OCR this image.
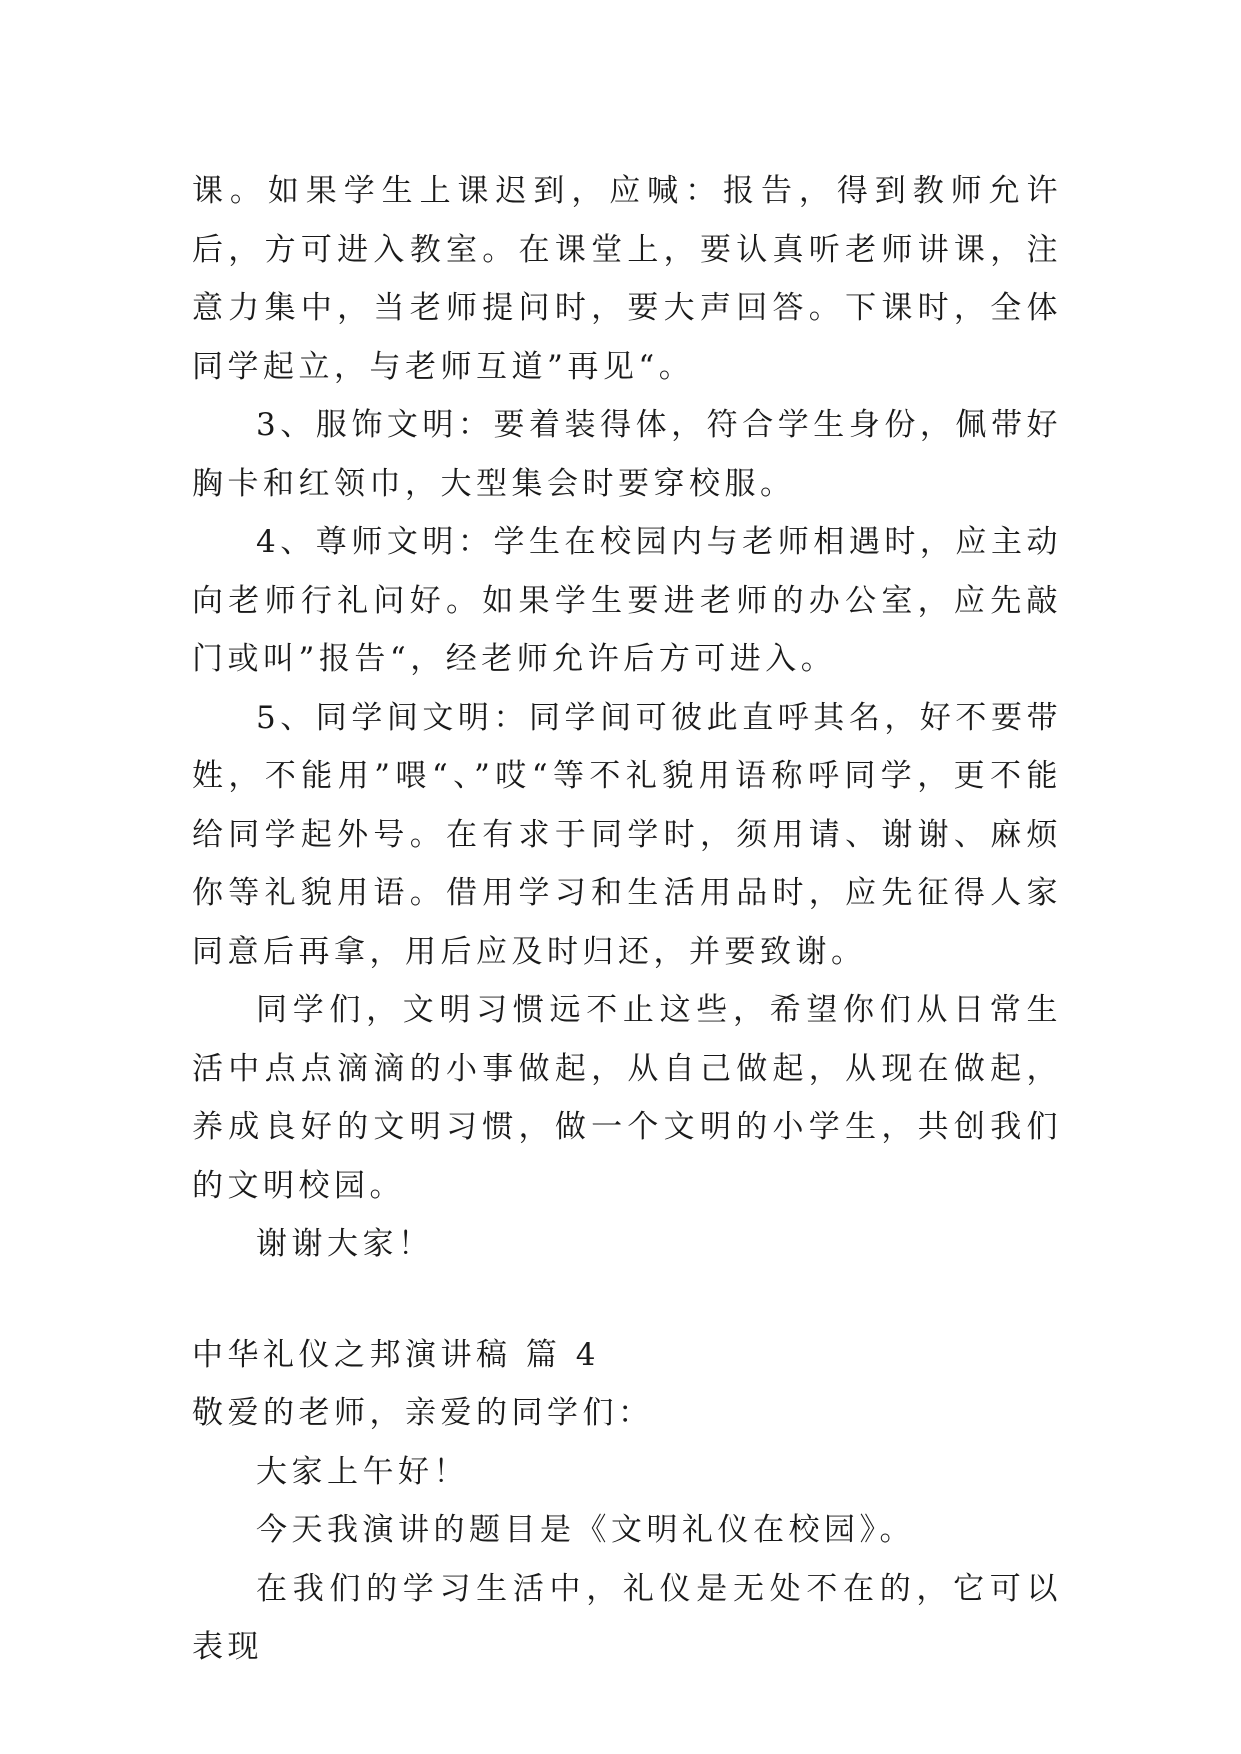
课。如果学生上课迟到，应喊：报告，得到教师允许后，方可进入教室。在课堂上，要认真听老师讲课，注意力集中，当老师提问时，要大声回答。下课时，全体同学起立，与老师互道”再见“。

3、服饰文明：要着装得体，符合学生身份，佩带好胸卡和红领巾，大型集会时要穿校服。

4、尊师文明：学生在校园内与老师相遇时，应主动向老师行礼问好。如果学生要进老师的办公室，应先敲门或叫”报告“，经老师允许后方可进入。

5、同学间文明：同学间可彼此直呼其名，好不要带姓，不能用”喂“、”哎“等不礼貌用语称呼同学，更不能给同学起外号。在有求于同学时，须用请、谢谢、麻烦你等礼貌用语。借用学习和生活用品时，应先征得人家同意后再拿，用后应及时归还，并要致谢。

同学们，文明习惯远不止这些，希望你们从日常生活中点点滴滴的小事做起，从自己做起，从现在做起，养成良好的文明习惯，做一个文明的小学生，共创我们的文明校园。

谢谢大家！

中华礼仪之邦演讲稿 篇 4

敬爱的老师，亲爱的同学们：

大家上午好！

今天我演讲的题目是《文明礼仪在校园》。

在我们的学习生活中，礼仪是无处不在的，它可以表现
